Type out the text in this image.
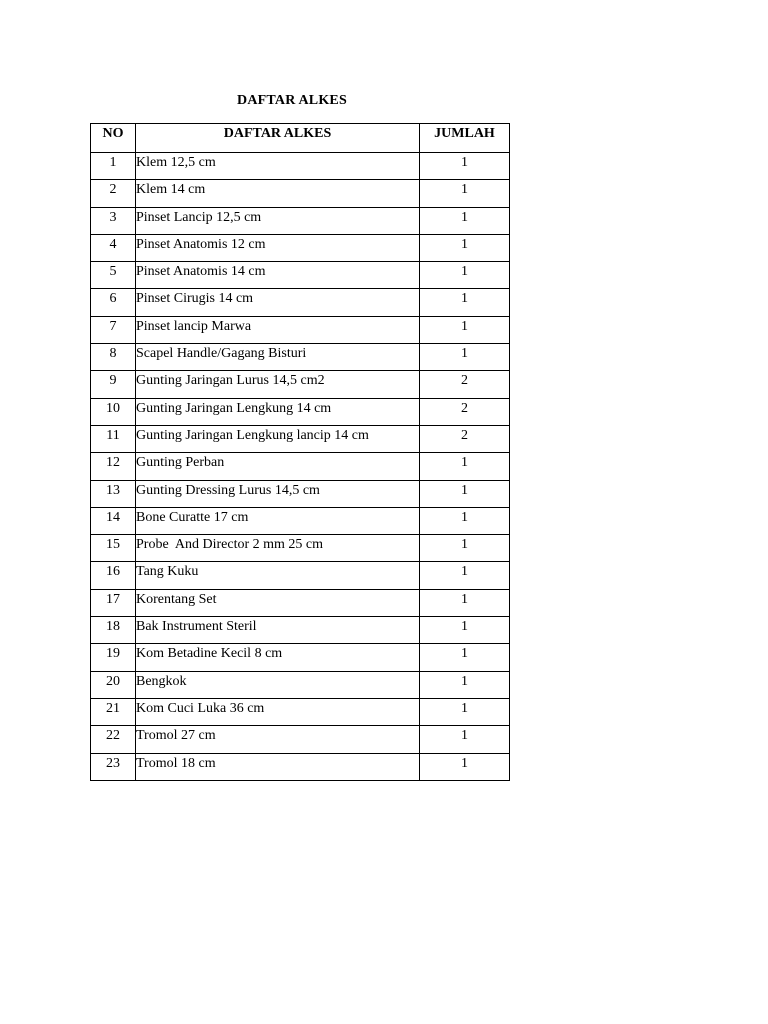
DAFTAR ALKES
NO	DAFTAR ALKES	JUMLAH
1	Klem 12,5 cm	1
2	Klem 14 cm	1
3	Pinset Lancip 12,5 cm	1
4	Pinset Anatomis 12 cm	1
5	Pinset Anatomis 14 cm	1
6	Pinset Cirugis 14 cm	1
7	Pinset lancip Marwa	1
8	Scapel Handle/Gagang Bisturi	1
9	Gunting Jaringan Lurus 14,5 cm2	2
10	Gunting Jaringan Lengkung 14 cm	2
11	Gunting Jaringan Lengkung lancip 14 cm	2
12	Gunting Perban	1
13	Gunting Dressing Lurus 14,5 cm	1
14	Bone Curatte 17 cm	1
15	Probe  And Director 2 mm 25 cm	1
16	Tang Kuku	1
17	Korentang Set	1
18	Bak Instrument Steril	1
19	Kom Betadine Kecil 8 cm	1
20	Bengkok	1
21	Kom Cuci Luka 36 cm	1
22	Tromol 27 cm	1
23	Tromol 18 cm	1
